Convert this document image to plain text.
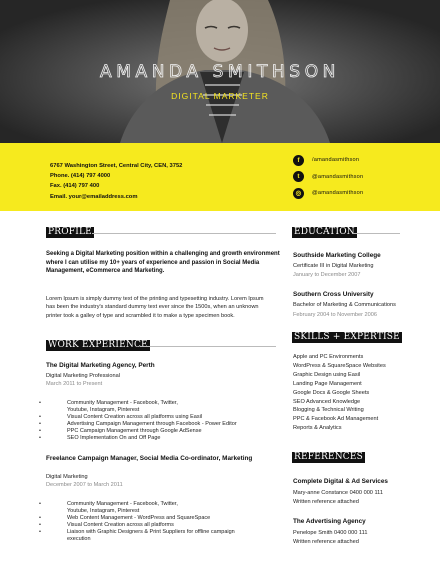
AMANDA SMITHSON
DIGITAL MARKETER
6767 Washington Street, Central City, CEN, 3752
Phone. (414) 797 4000
Fax. (414) 797 400
Email. your@emailaddress.com
f	/amandasmithson
t	@amandasmithson
◎	@amandasmithson
PROFILE
Seeking a Digital Marketing position within a challenging and growth environment where I can utilise my 10+ years of experience and passion in Social Media Management, eCommerce and Marketing.
Lorem Ipsum is simply dummy text of the printing and typesetting industry. Lorem Ipsum has been the industry's standard dummy text ever since the 1500s, when an unknown printer took a galley of type and scrambled it to make a type specimen book.
WORK EXPERIENCE
The Digital Marketing Agency, Perth
Digital Marketing Professional
March 2011 to Present
• Community Management - Facebook, Twitter,
Youtube, Instagram, Pinterest
• Visual Content Creation across all platforms using Easil
• Advertising Campaign Management through Facebook - Power Editor
• PPC Campaign Management through Google AdSense
• SEO Implementation On and Off Page
Freelance Campaign Manager, Social Media Co-ordinator, Marketing
Digital Marketing
December 2007 to March 2011
• Community Management - Facebook, Twitter,
Youtube, Instagram, Pinterest
• Web Content Management - WordPress and SquareSpace
• Visual Content Creation across all platforms
• Liaison with Graphic Designers & Print Suppliers for offline campaign
execution
EDUCATION
Southside Marketing College
Certificate III in Digital Marketing
January to December 2007
Southern Cross University
Bachelor of Marketing & Communications
February 2004 to November 2006
SKILLS + EXPERTISE
Apple and PC Environments
WordPress & SquareSpace Websites
Graphic Design using Easil
Landing Page Management
Google Docs & Google Sheets
SEO Advanced Knowledge
Blogging & Technical Writing
PPC & Facebook Ad Management
Reports & Analytics
REFERENCES
Complete Digital & Ad Services
Mary-anne Constance 0400 000 111
Written reference attached
The Advertising Agency
Penelope Smith 0400 000 111
Written reference attached
